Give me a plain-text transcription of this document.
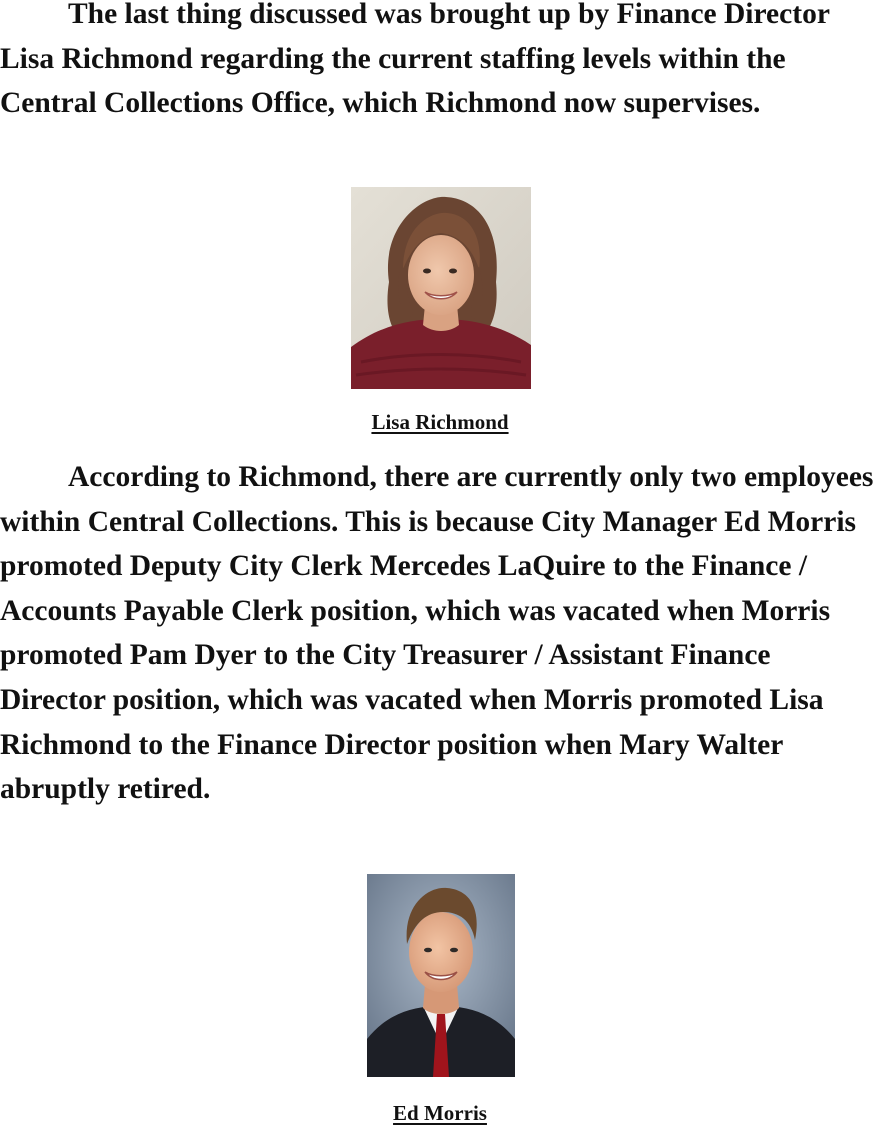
The last thing discussed was brought up by Finance Director Lisa Richmond regarding the current staffing levels within the Central Collections Office, which Richmond now supervises.

Lisa Richmond

According to Richmond, there are currently only two employees within Central Collections. This is because City Manager Ed Morris promoted Deputy City Clerk Mercedes LaQuire to the Finance / Accounts Payable Clerk position, which was vacated when Morris promoted Pam Dyer to the City Treasurer / Assistant Finance Director position, which was vacated when Morris promoted Lisa Richmond to the Finance Director position when Mary Walter abruptly retired.

Ed Morris
